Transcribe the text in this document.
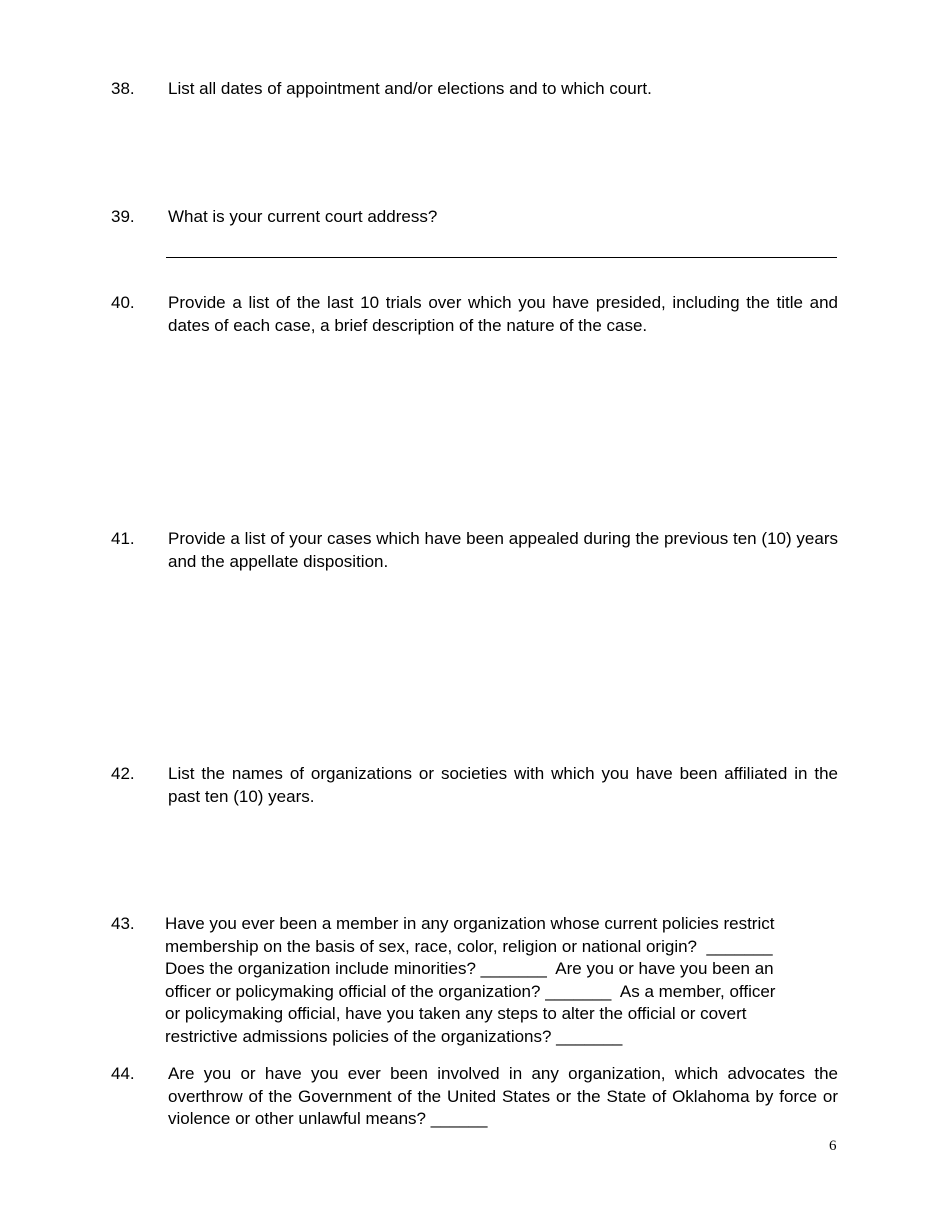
38. List all dates of appointment and/or elections and to which court.
39. What is your current court address?
40. Provide a list of the last 10 trials over which you have presided, including the title and dates of each case, a brief description of the nature of the case.
41. Provide a list of your cases which have been appealed during the previous ten (10) years and the appellate disposition.
42. List the names of organizations or societies with which you have been affiliated in the past ten (10) years.
43. Have you ever been a member in any organization whose current policies restrict
membership on the basis of sex, race, color, religion or national origin?  _______
Does the organization include minorities? _______  Are you or have you been an
officer or policymaking official of the organization? _______  As a member, officer
or policymaking official, have you taken any steps to alter the official or covert
restrictive admissions policies of the organizations? _______
44. Are you or have you ever been involved in any organization, which advocates the overthrow of the Government of the United States or the State of Oklahoma by force or violence or other unlawful means? ______
6
